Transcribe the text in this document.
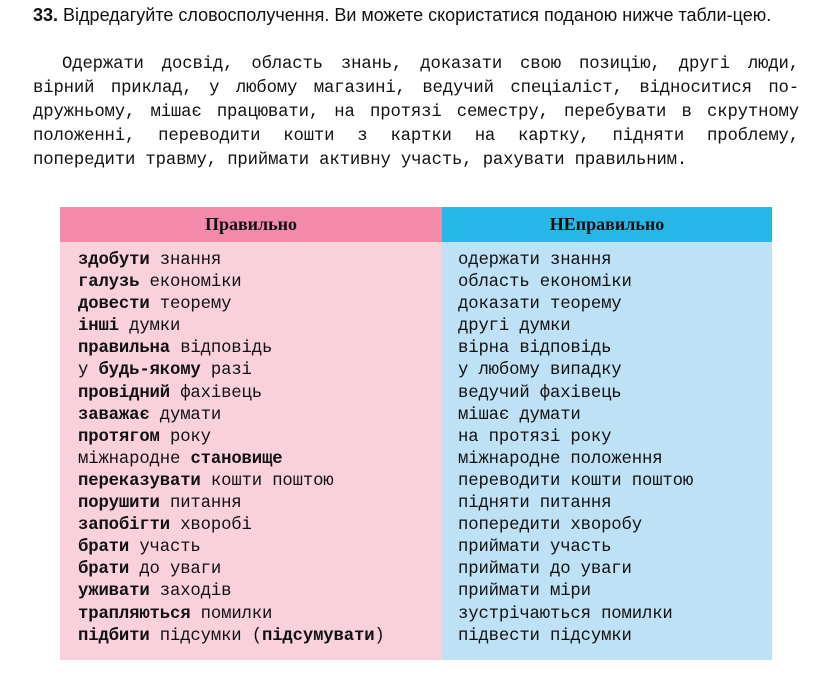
33. Відредагуйте словосполучення. Ви можете скористатися поданою нижче табли-цею.
Одержати досвід, область знань, доказати свою позицію, другі люди, вірний приклад, у любому магазині, ведучий спеціаліст, відноситися по-дружньому, мішає працювати, на протязі семестру, перебувати в скрутному положенні, переводити кошти з картки на картку, підняти проблему, попередити травму, приймати активну участь, рахувати правильним.
Правильно
здобути знання
галузь економіки
довести теорему
інші думки
правильна відповідь
у будь-якому разі
провідний фахівець
заважає думати
протягом року
міжнародне становище
переказувати кошти поштою
порушити питання
запобігти хворобі
брати участь
брати до уваги
уживати заходів
трапляються помилки
підбити підсумки (підсумувати)
НЕправильно
одержати знання
область економіки
доказати теорему
другі думки
вірна відповідь
у любому випадку
ведучий фахівець
мішає думати
на протязі року
міжнародне положення
переводити кошти поштою
підняти питання
попередити хворобу
приймати участь
приймати до уваги
приймати міри
зустрічаються помилки
підвести підсумки
